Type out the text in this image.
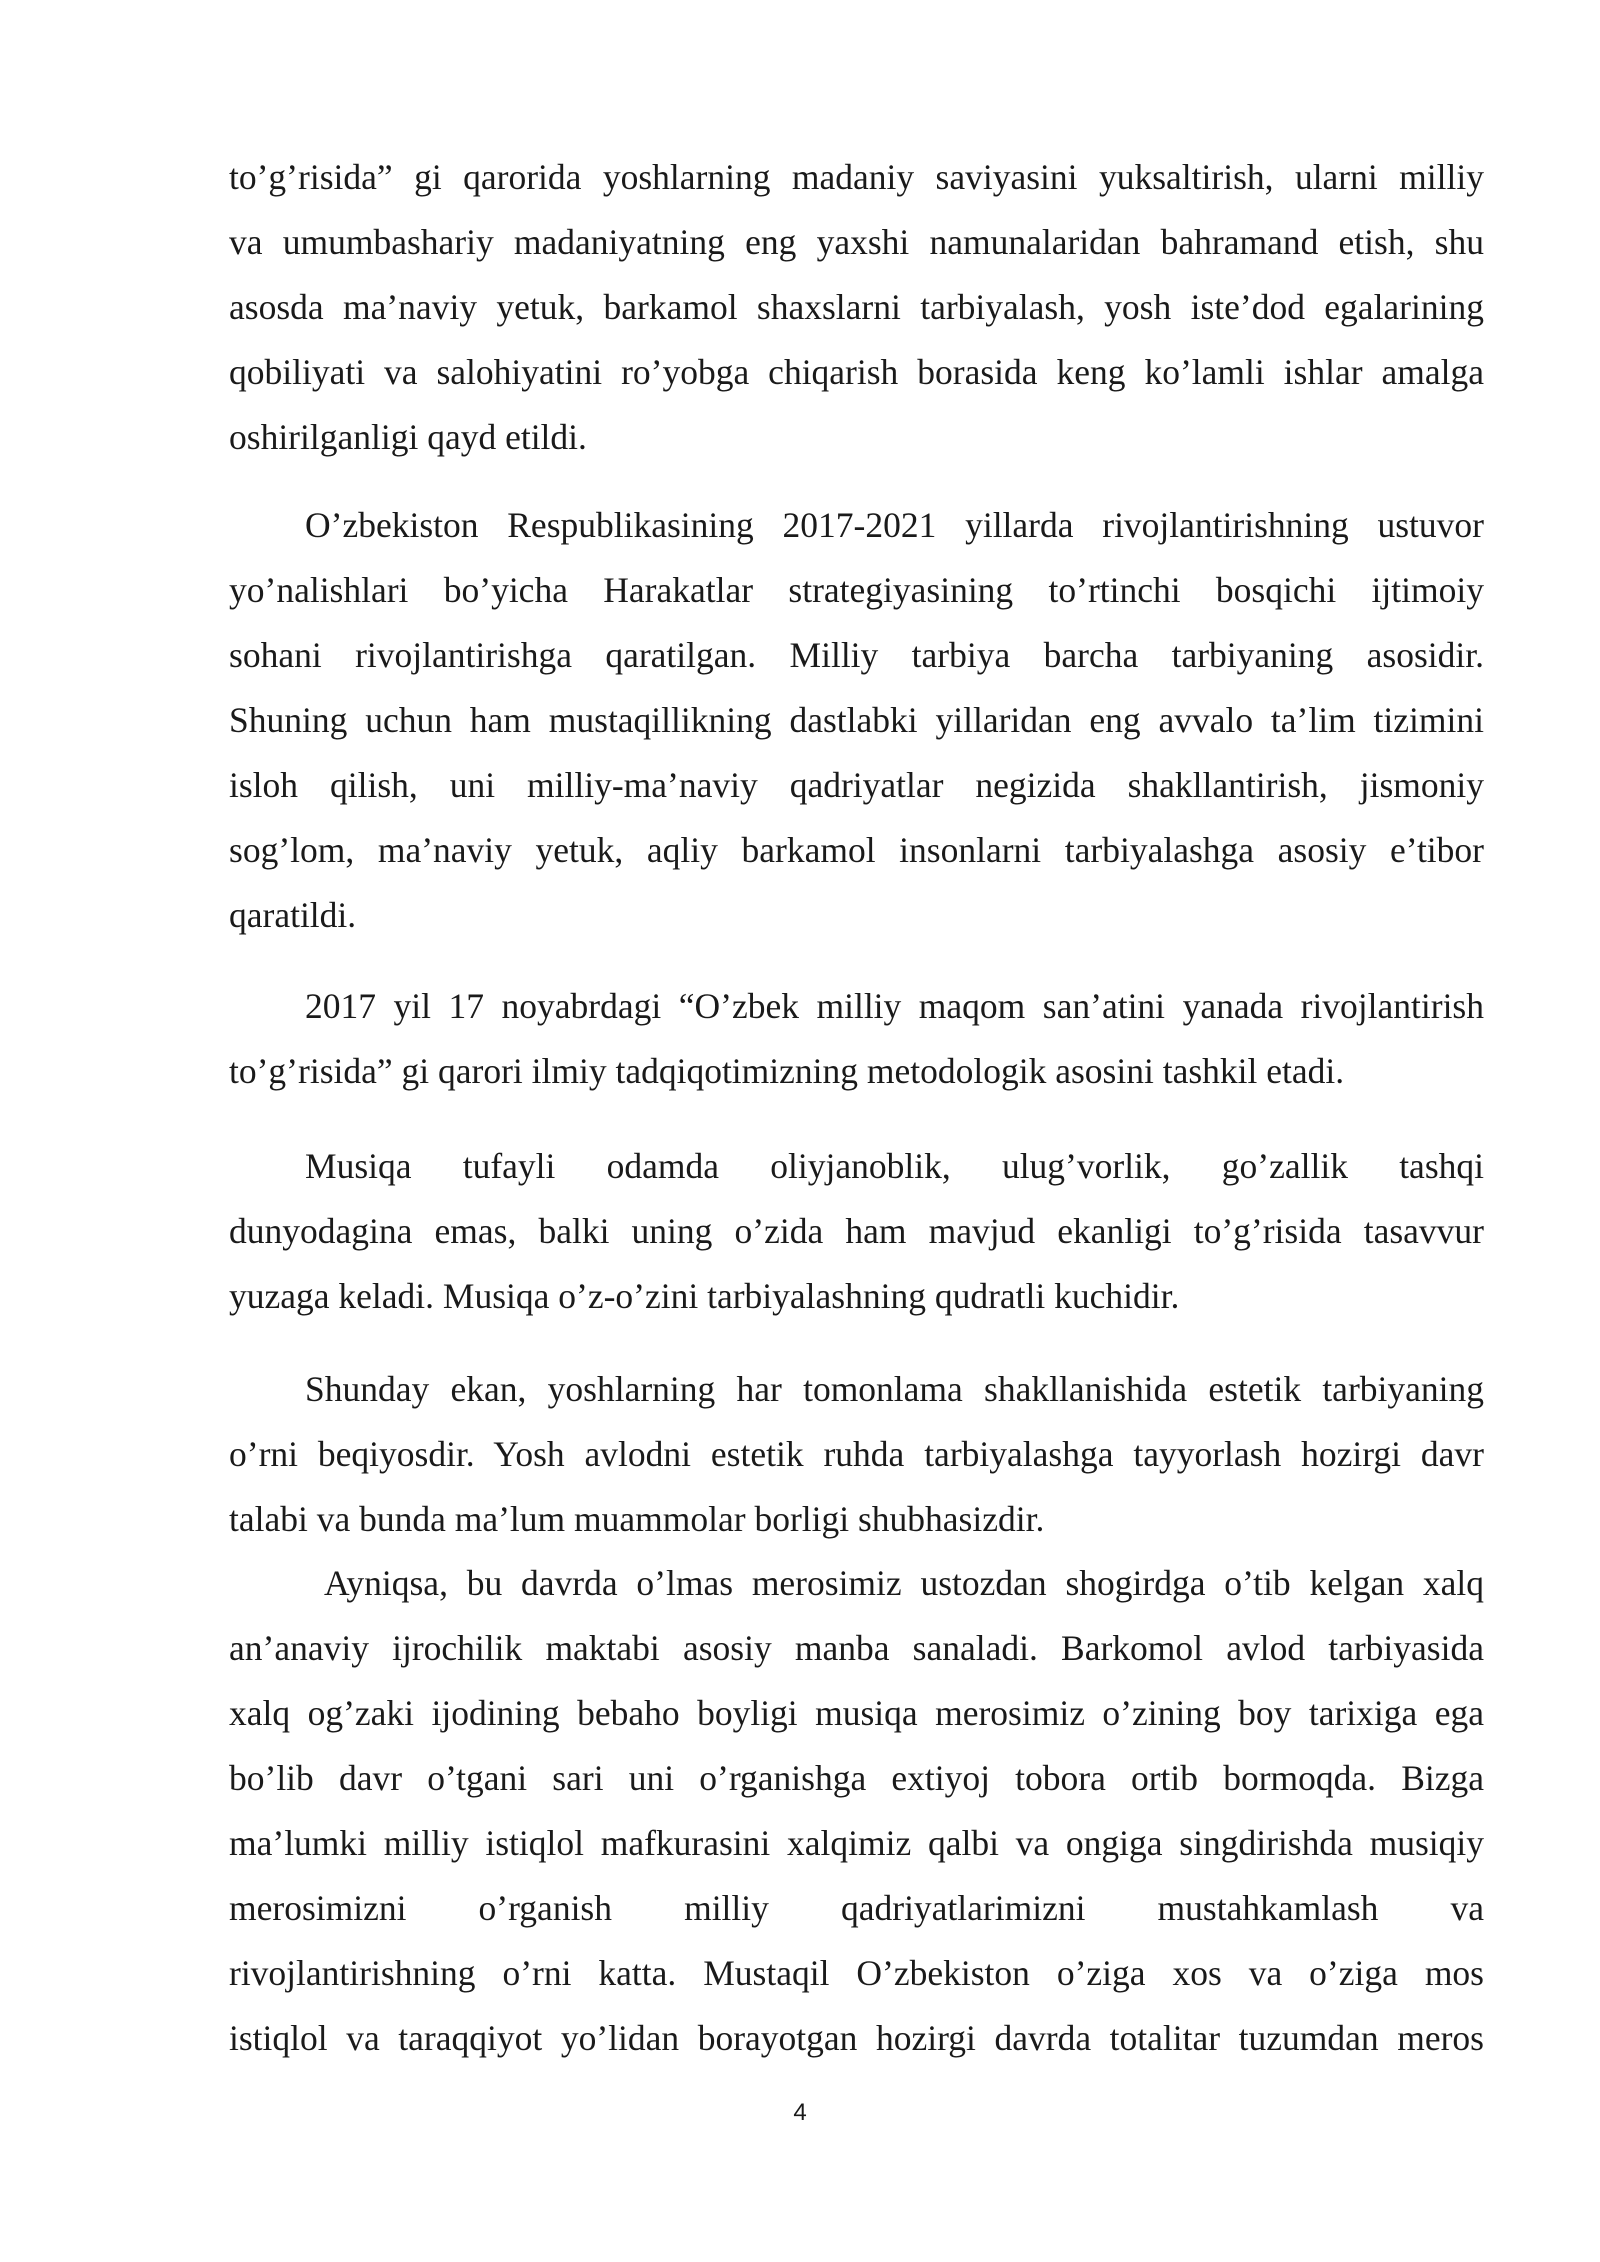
to’g’risida” gi qarorida yoshlarning madaniy saviyasini yuksaltirish, ularni milliy
va umumbashariy madaniyatning eng yaxshi namunalaridan bahramand etish, shu
asosda ma’naviy yetuk, barkamol shaxslarni tarbiyalash, yosh iste’dod egalarining
qobiliyati va salohiyatini ro’yobga chiqarish borasida keng ko’lamli ishlar amalga
oshirilganligi qayd etildi.
O’zbekiston Respublikasining 2017-2021 yillarda rivojlantirishning ustuvor
yo’nalishlari bo’yicha Harakatlar strategiyasining to’rtinchi bosqichi ijtimoiy
sohani rivojlantirishga qaratilgan. Milliy tarbiya barcha tarbiyaning asosidir.
Shuning uchun ham mustaqillikning dastlabki yillaridan eng avvalo ta’lim tizimini
isloh qilish, uni milliy-ma’naviy qadriyatlar negizida shakllantirish, jismoniy
sog’lom, ma’naviy yetuk, aqliy barkamol insonlarni tarbiyalashga asosiy e’tibor
qaratildi.
2017 yil 17 noyabrdagi “O’zbek milliy maqom san’atini yanada rivojlantirish
to’g’risida” gi qarori ilmiy tadqiqotimizning metodologik asosini tashkil etadi.
Musiqa tufayli odamda oliyjanoblik, ulug’vorlik, go’zallik tashqi
dunyodagina emas, balki uning o’zida ham mavjud ekanligi to’g’risida tasavvur
yuzaga keladi. Musiqa o’z-o’zini tarbiyalashning qudratli kuchidir.
Shunday ekan, yoshlarning har tomonlama shakllanishida estetik tarbiyaning
o’rni beqiyosdir. Yosh avlodni estetik ruhda tarbiyalashga tayyorlash hozirgi davr
talabi va bunda ma’lum muammolar borligi shubhasizdir.
Ayniqsa, bu davrda o’lmas merosimiz ustozdan shogirdga o’tib kelgan xalq
an’anaviy ijrochilik maktabi asosiy manba sanaladi. Barkomol avlod tarbiyasida
xalq og’zaki ijodining bebaho boyligi musiqa merosimiz o’zining boy tarixiga ega
bo’lib davr o’tgani sari uni o’rganishga extiyoj tobora ortib bormoqda. Bizga
ma’lumki milliy istiqlol mafkurasini xalqimiz qalbi va ongiga singdirishda musiqiy
merosimizni o’rganish milliy qadriyatlarimizni mustahkamlash va
rivojlantirishning o’rni katta. Mustaqil O’zbekiston o’ziga xos va o’ziga mos
istiqlol va taraqqiyot yo’lidan borayotgan hozirgi davrda totalitar tuzumdan meros
4
